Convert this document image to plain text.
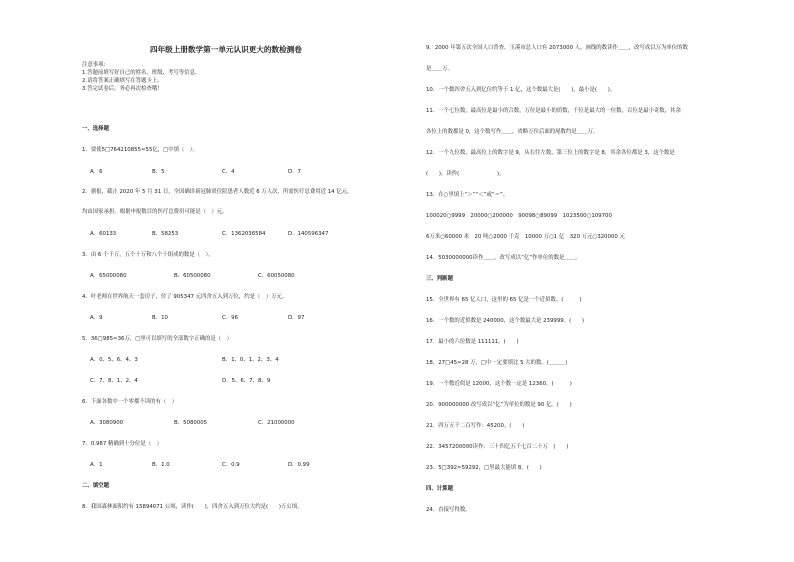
四年级上册数学第一单元认识更大的数检测卷
注意事项:
1.答题前填写好自己的姓名、班级、考号等信息。
2.请将答案正确填写在答题卡上。
3.答完试卷后，务必再次检查哦！
一、选择题
1．要使5□764210855≈55亿，□中填（　）。
A．6	B．5	C．4	D．7
2．据报，截止 2020 年 5 月 31 日，全国确诊新冠肺炎住院患者人数近 6 万人次，所需医疗总费用近 14 亿元，
均由国家承担。根据申报数目的医疗总费用可能是（　）元。
A．60133	B．58253	C．1362036584	D．140596347
3．由 6 个千万，五个十万和八个十组成的数是（　）。
A．65000080	B．60500080	C．60050080
4．叶老师在世界航天一套房子，付了 905347 元四舍五入到万位，约是（　）万元。
A．9	B．10	C．96	D．97
5．36□985≈36万，□里可以填写的全部数字正确的是（　）
A．0、5、6、4、3	B．1、0、1、2、3、4
C．7、8、1、2、4	D．5、6、7、8、9
6．下面各数中一个零都不读的有（　）
A．3080900	B．5080005	C．21000000
7．0.987 精确到十分位是（　）
A．1	B．1.0	C．0.9	D．0.99
二、填空题
8．我国森林面积约有 15894071 公顷，读作(　　)，四舍五入到万位大约是(　　)万公顷。
9．2000 年第五次全国人口普查，玉溪市总人口有 2073000 人，画线的数读作＿＿，改写成以万为单位的数
是＿＿万。
10．一个数四舍五入到亿位约等于 1 亿，这个数最大是(　　)，最小是(　　)。
11．一个七位数，最高位是最小的合数，万位是最小的质数，千位是最大的一位数，百位是最小奇数，其余
各位上的数都是 0，这个数写作＿＿，省略万位后面的尾数约是＿＿万。
12．一个九位数，最高位上的数字是 9，从右往左数，第三位上的数字是 8，其余各位都是 3，这个数是
(　　)，读作(　　　　　　　)。
13．在○里填上“＞”“＜”或“＝”。
100020○9999　20000○200000　90098○89099　1023500○109700
6万米○60000 米　20 吨○2000 千克　10000 万○1 亿　320 万元○320000 元
14．5030000000读作＿＿，改写成以“亿”作单位的数是＿＿。
三、判断题
15．全世界有 65 亿人口，这里的 65 亿是一个近似数。(　　　)
16．一个数的近似数是 240000，这个数最大是 239999。(　　)
17．最小的六位数是 111111。(　　)
18．27□45≈28 万，□中一定要填比 5 大的数。(＿＿＿)
19．一个数近似是 12000，这个数一定是 12360。(　　　)
20．900000000 改写成以“亿”为单位的数是 90 亿。(　　)
21．四万五千二百写作：45200。(　　)
22．3457200000读作：三十四亿五千七百二十万　(　　)
23．5□392≈59292，□里最大能填 8。(　　)
四、计算题
24．直接写得数。
